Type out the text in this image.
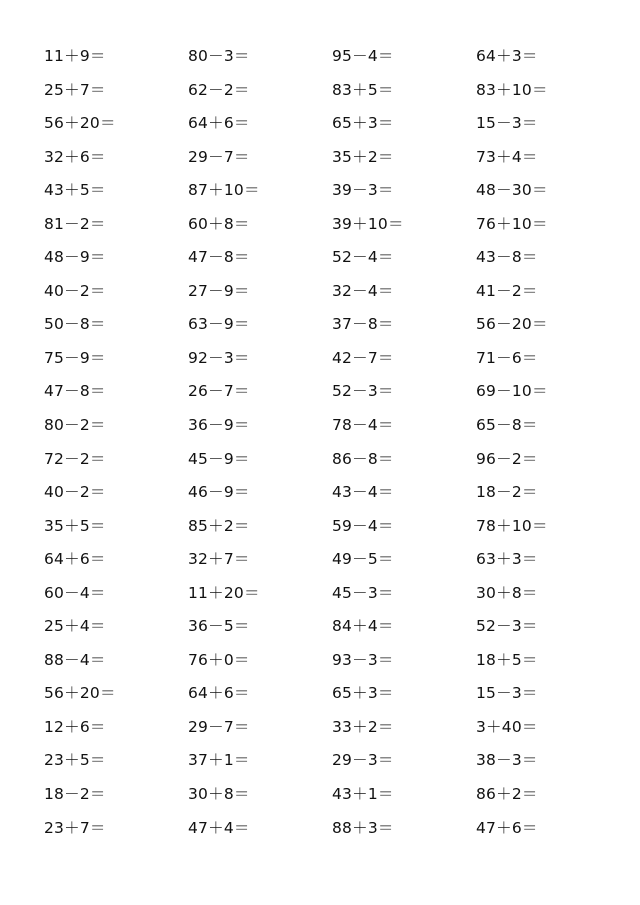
11＋9＝	80－3＝	95－4＝	64＋3＝
25＋7＝	62－2＝	83＋5＝	83＋10＝
56＋20＝	64＋6＝	65＋3＝	15－3＝
32＋6＝	29－7＝	35＋2＝	73＋4＝
43＋5＝	87＋10＝	39－3＝	48－30＝
81－2＝	60＋8＝	39＋10＝	76＋10＝
48－9＝	47－8＝	52－4＝	43－8＝
40－2＝	27－9＝	32－4＝	41－2＝
50－8＝	63－9＝	37－8＝	56－20＝
75－9＝	92－3＝	42－7＝	71－6＝
47－8＝	26－7＝	52－3＝	69－10＝
80－2＝	36－9＝	78－4＝	65－8＝
72－2＝	45－9＝	86－8＝	96－2＝
40－2＝	46－9＝	43－4＝	18－2＝
35＋5＝	85＋2＝	59－4＝	78＋10＝
64＋6＝	32＋7＝	49－5＝	63＋3＝
60－4＝	11＋20＝	45－3＝	30＋8＝
25＋4＝	36－5＝	84＋4＝	52－3＝
88－4＝	76＋0＝	93－3＝	18＋5＝
56＋20＝	64＋6＝	65＋3＝	15－3＝
12＋6＝	29－7＝	33＋2＝	3＋40＝
23＋5＝	37＋1＝	29－3＝	38－3＝
18－2＝	30＋8＝	43＋1＝	86＋2＝
23＋7＝	47＋4＝	88＋3＝	47＋6＝
